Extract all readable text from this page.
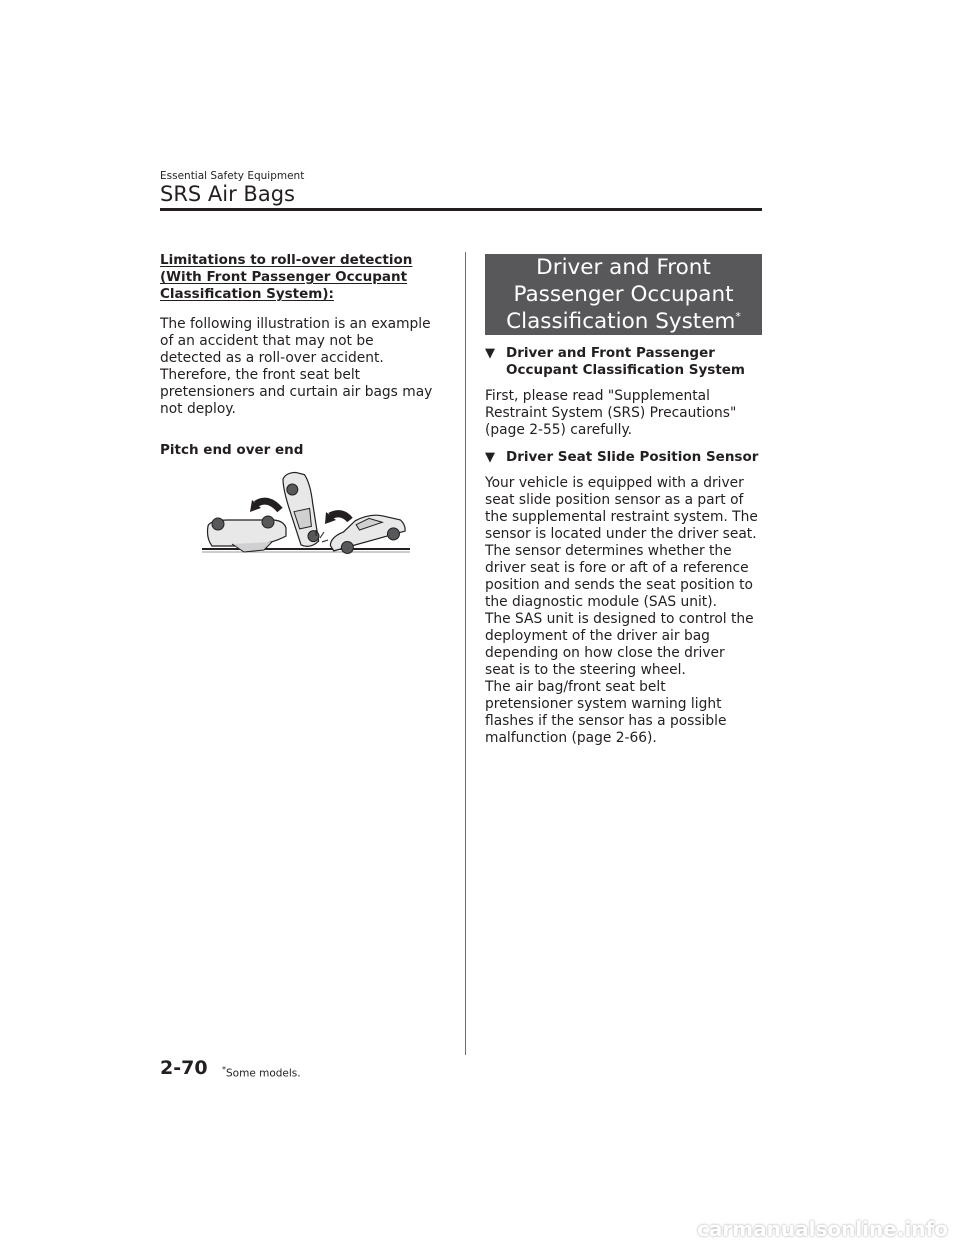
Essential Safety Equipment
SRS Air Bags

Limitations to roll-over detection
(With Front Passenger Occupant
Classification System):

The following illustration is an example
of an accident that may not be
detected as a roll-over accident.
Therefore, the front seat belt
pretensioners and curtain air bags may
not deploy.

Pitch end over end

Driver and Front
Passenger Occupant
Classification System*
▼ Driver and Front Passenger
Occupant Classification System

First, please read "Supplemental
Restraint System (SRS) Precautions"
(page 2-55) carefully.

▼ Driver Seat Slide Position Sensor

Your vehicle is equipped with a driver
seat slide position sensor as a part of
the supplemental restraint system. The
sensor is located under the driver seat.
The sensor determines whether the
driver seat is fore or aft of a reference
position and sends the seat position to
the diagnostic module (SAS unit).
The SAS unit is designed to control the
deployment of the driver air bag
depending on how close the driver
seat is to the steering wheel.
The air bag/front seat belt
pretensioner system warning light
flashes if the sensor has a possible
malfunction (page 2-66).

2-70 *Some models.
carmanualsonline.info
